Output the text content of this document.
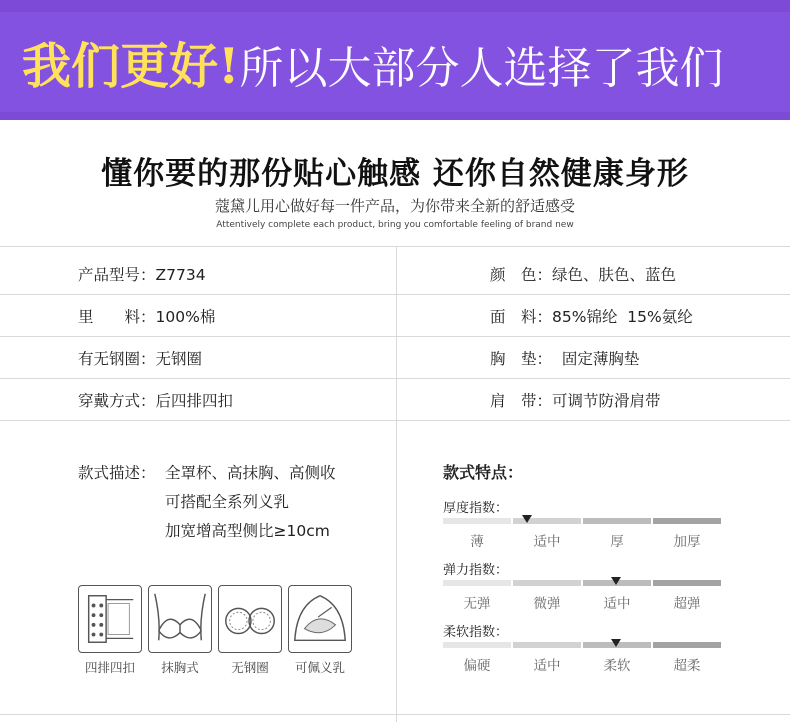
我们更好! 所以大部分人选择了我们
懂你要的那份贴心触感 还你自然健康身形
蔻黛儿用心做好每一件产品，为你带来全新的舒适感受
Attentively complete each product, bring you comfortable feeling of brand new
产品型号：Z7734	颜　色：绿色、肤色、蓝色
里　　料：100%棉	面　料：85%锦纶  15%氨纶
有无钢圈：无钢圈	胸　垫：  固定薄胸垫
穿戴方式：后四排四扣	肩　带：可调节防滑肩带
款式描述： 全罩杯、高抹胸、高侧收
可搭配全系列义乳
加宽增高型侧比≥10cm
四排四扣	抹胸式	无钢圈	可佩义乳
款式特点：
厚度指数：
薄	适中	厚	加厚
弹力指数：
无弹	微弹	适中	超弹
柔软指数：
偏硬	适中	柔软	超柔
